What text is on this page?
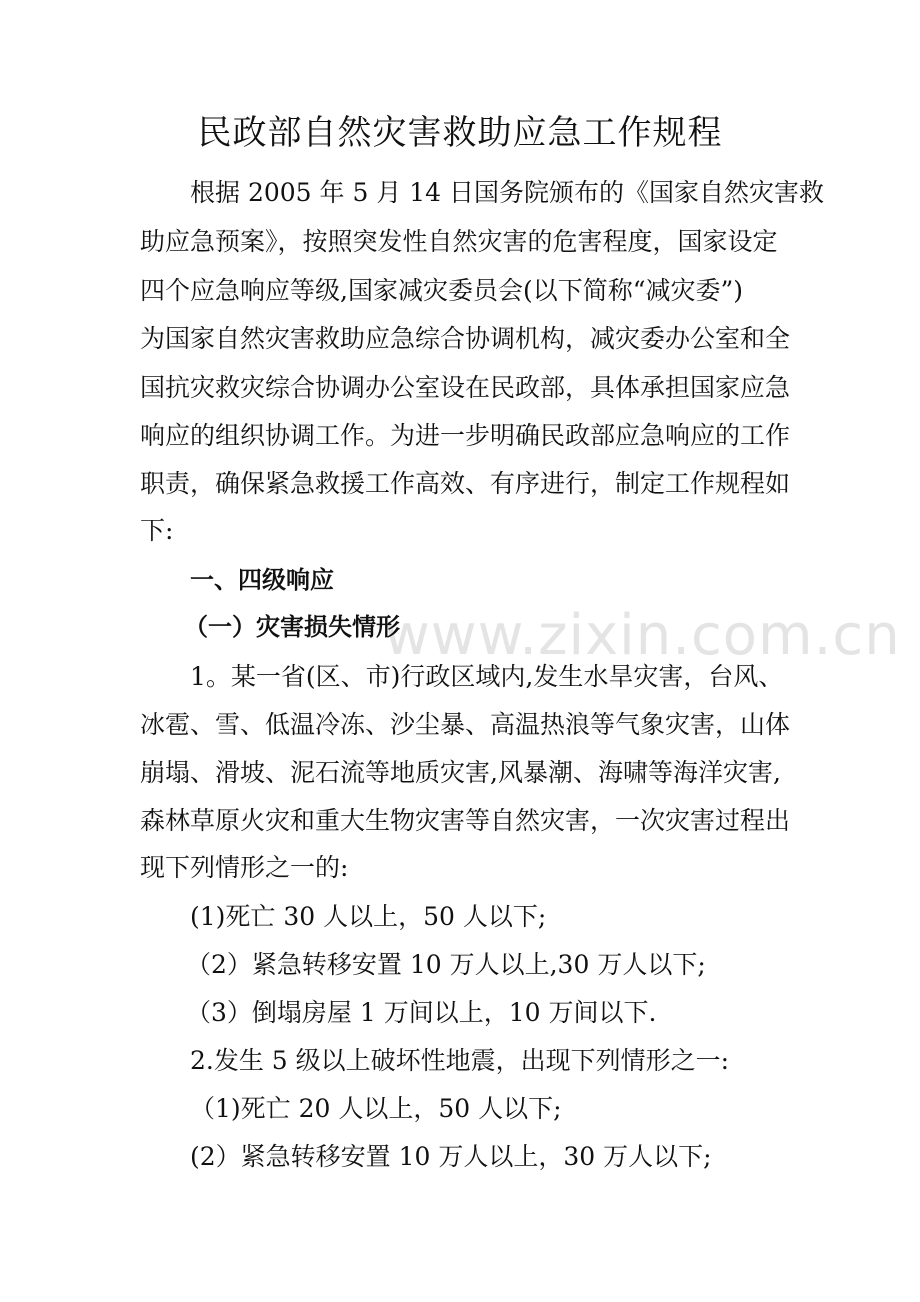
www.zixin.com.cn
民政部自然灾害救助应急工作规程
根据 2005 年 5 月 14 日国务院颁布的《国家自然灾害救
助应急预案》，按照突发性自然灾害的危害程度，国家设定
四个应急响应等级,国家减灾委员会(以下简称“减灾委”)
为国家自然灾害救助应急综合协调机构，减灾委办公室和全
国抗灾救灾综合协调办公室设在民政部，具体承担国家应急
响应的组织协调工作。为进一步明确民政部应急响应的工作
职责，确保紧急救援工作高效、有序进行，制定工作规程如
下:
一、四级响应
（一）灾害损失情形
1。某一省(区、市)行政区域内,发生水旱灾害，台风、
冰雹、雪、低温冷冻、沙尘暴、高温热浪等气象灾害，山体
崩塌、滑坡、泥石流等地质灾害,风暴潮、海啸等海洋灾害,
森林草原火灾和重大生物灾害等自然灾害，一次灾害过程出
现下列情形之一的:
(1)死亡 30 人以上，50 人以下;
（2）紧急转移安置 10 万人以上,30 万人以下;
（3）倒塌房屋 1 万间以上，10 万间以下.
2.发生 5 级以上破坏性地震，出现下列情形之一:
（1)死亡 20 人以上，50 人以下;
(2）紧急转移安置 10 万人以上，30 万人以下;
